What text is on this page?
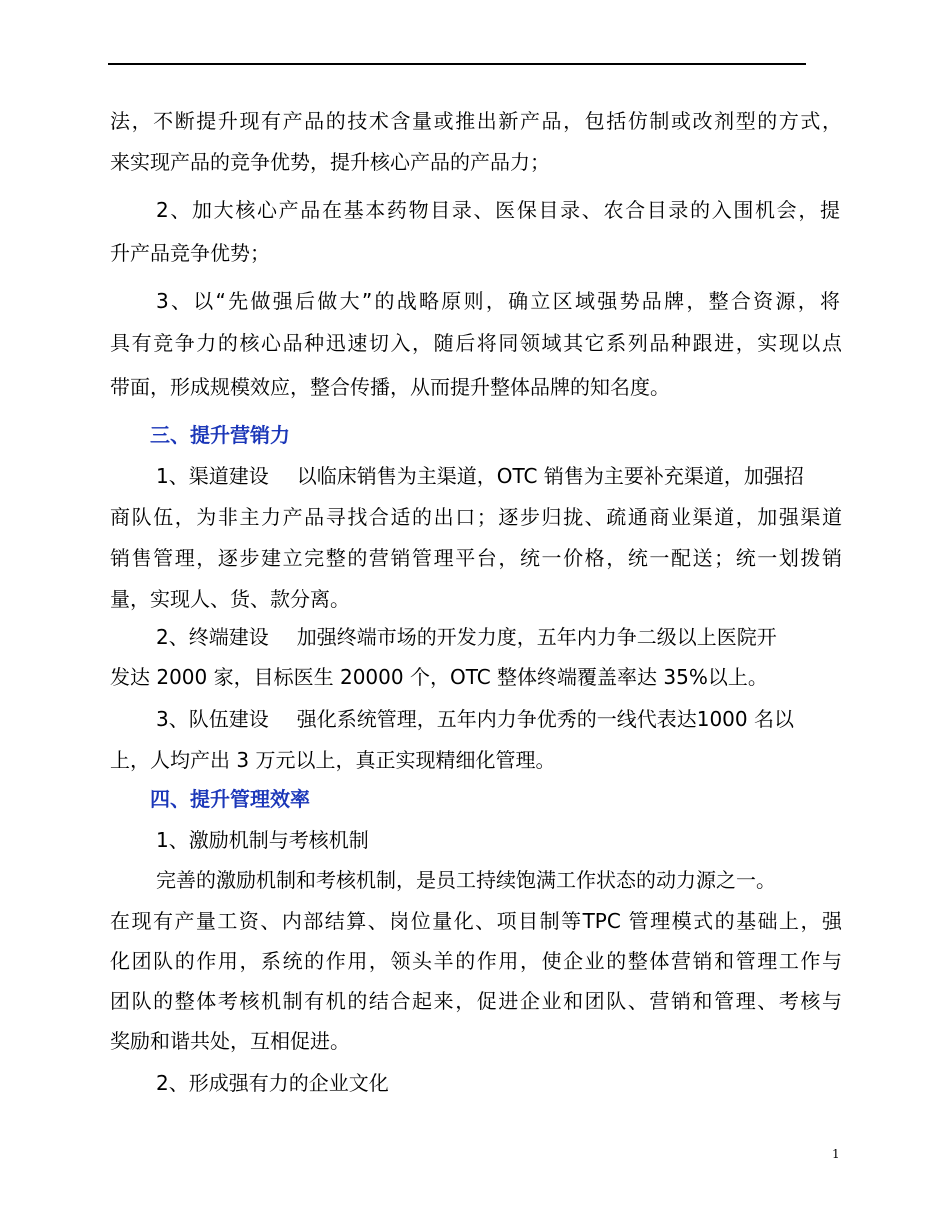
法，不断提升现有产品的技术含量或推出新产品，包括仿制或改剂型的方式，
来实现产品的竞争优势，提升核心产品的产品力；
2、加大核心产品在基本药物目录、医保目录、农合目录的入围机会，提
升产品竞争优势；
3、以“先做强后做大”的战略原则，确立区域强势品牌，整合资源，将
具有竞争力的核心品种迅速切入，随后将同领域其它系列品种跟进，实现以点
带面，形成规模效应，整合传播，从而提升整体品牌的知名度。
三、提升营销力
1、渠道建设 以临床销售为主渠道，OTC 销售为主要补充渠道，加强招
商队伍，为非主力产品寻找合适的出口；逐步归拢、疏通商业渠道，加强渠道
销售管理，逐步建立完整的营销管理平台，统一价格，统一配送；统一划拨销
量，实现人、货、款分离。
2、终端建设 加强终端市场的开发力度，五年内力争二级以上医院开
发达 2000 家，目标医生 20000 个，OTC 整体终端覆盖率达 35%以上。
3、队伍建设 强化系统管理，五年内力争优秀的一线代表达1000 名以
上，人均产出 3 万元以上，真正实现精细化管理。
四、提升管理效率
1、激励机制与考核机制
完善的激励机制和考核机制，是员工持续饱满工作状态的动力源之一。
在现有产量工资、内部结算、岗位量化、项目制等TPC 管理模式的基础上，强
化团队的作用，系统的作用，领头羊的作用，使企业的整体营销和管理工作与
团队的整体考核机制有机的结合起来，促进企业和团队、营销和管理、考核与
奖励和谐共处，互相促进。
2、形成强有力的企业文化
1
